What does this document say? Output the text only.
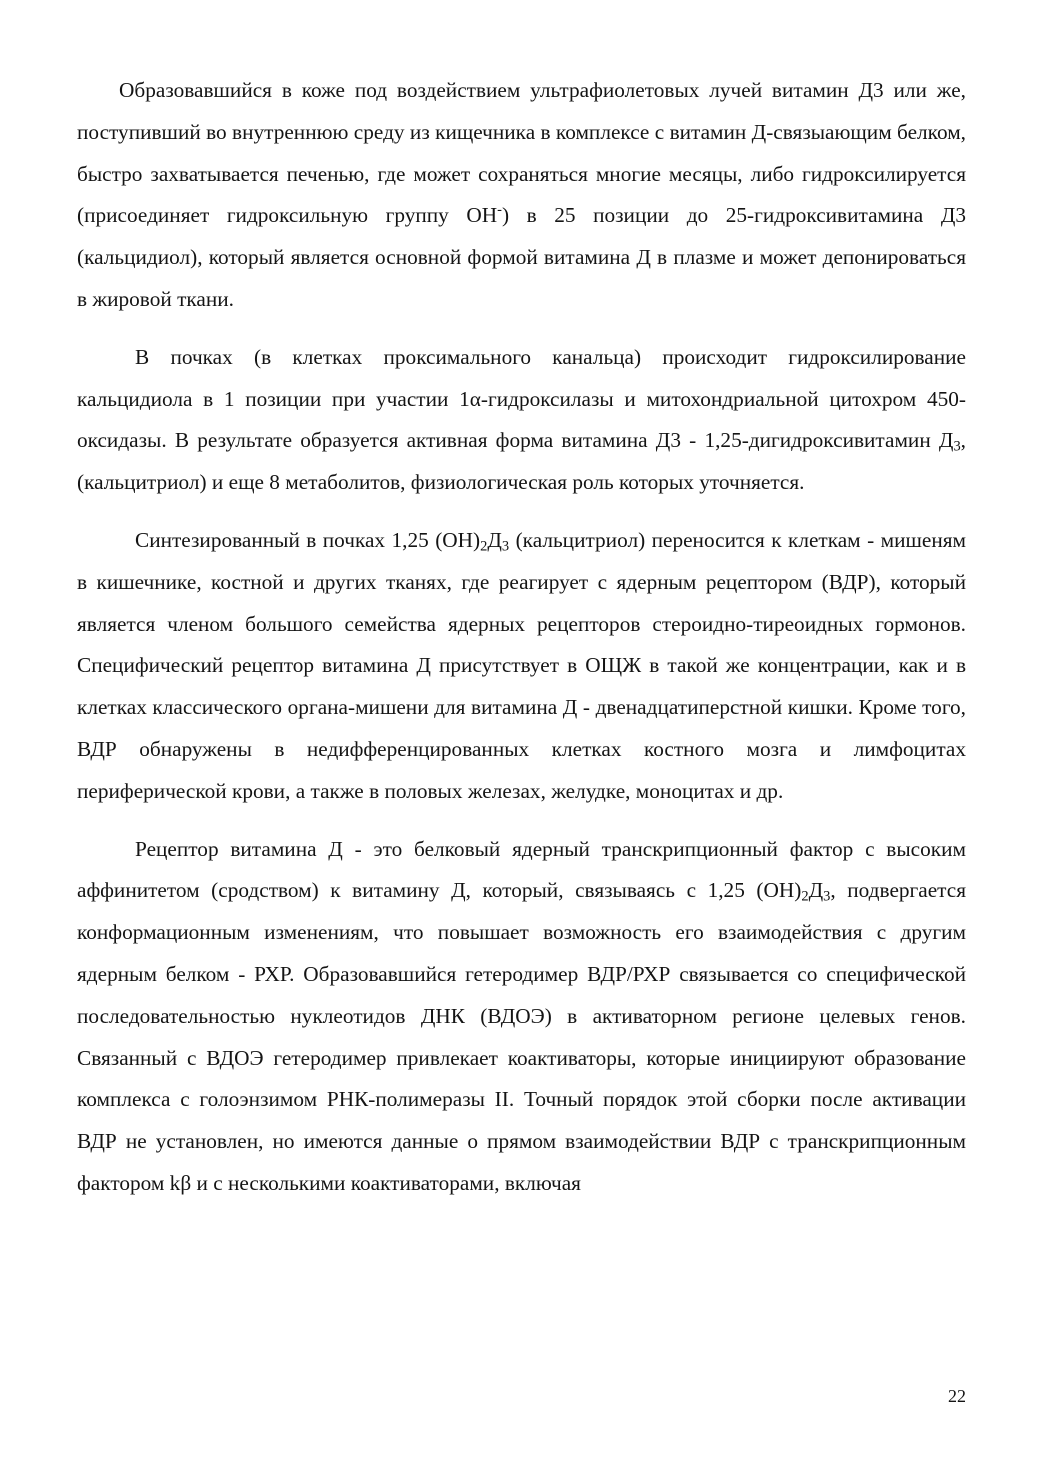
Образовавшийся в коже под воздействием ультрафиолетовых лучей витамин Д3 или же, поступивший во внутреннюю среду из кищечника в комплексе с витамин Д-связыающим белком, быстро захватывается печенью, где может сохраняться многие месяцы, либо гидроксилируется (присоединяет гидроксильную группу ОН-) в 25 позиции до 25-гидроксивитамина Д3 (кальцидиол), который является основной формой витамина Д в плазме и может депонироваться в жировой ткани.

В почках (в клетках проксимального канальца) происходит гидроксилирование кальцидиола в 1 позиции при участии 1α-гидроксилазы и митохондриальной цитохром 450-оксидазы. В результате образуется активная форма витамина Д3 - 1,25-дигидроксивитамин $Д_3$, (кальцитриол) и еще 8 метаболитов, физиологическая роль которых уточняется.

Синтезированный в почках 1,25 $(ОН)_2Д_3$ (кальцитриол) переносится к клеткам - мишеням в кишечнике, костной и других тканях, где реагирует с ядерным рецептором (ВДР), который является членом большого семейства ядерных рецепторов стероидно-тиреоидных гормонов. Специфический рецептор витамина Д присутствует в ОЩЖ в такой же концентрации, как и в клетках классического органа-мишени для витамина Д - двенадцатиперстной кишки. Кроме того, ВДР обнаружены в недифференцированных клетках костного мозга и лимфоцитах периферической крови, а также в половых железах, желудке, моноцитах и др.

Рецептор витамина Д - это белковый ядерный транскрипционный фактор с высоким аффинитетом (сродством) к витамину Д, который, связываясь с 1,25 $(ОН)_2Д_3$, подвергается конформационным изменениям, что повышает возможность его взаимодействия с другим ядерным белком - РХР. Образовавшийся гетеродимер ВДР/РХР связывается со специфической последовательностью нуклеотидов ДНК (ВДОЭ) в активаторном регионе целевых генов. Связанный с ВДОЭ гетеродимер привлекает коактиваторы, которые инициируют образование комплекса с голоэнзимом РНК-полимеразы II. Точный порядок этой сборки после активации ВДР не установлен, но имеются данные о прямом взаимодействии ВДР с транскрипционным фактором kβ и с несколькими коактиваторами, включая

22
